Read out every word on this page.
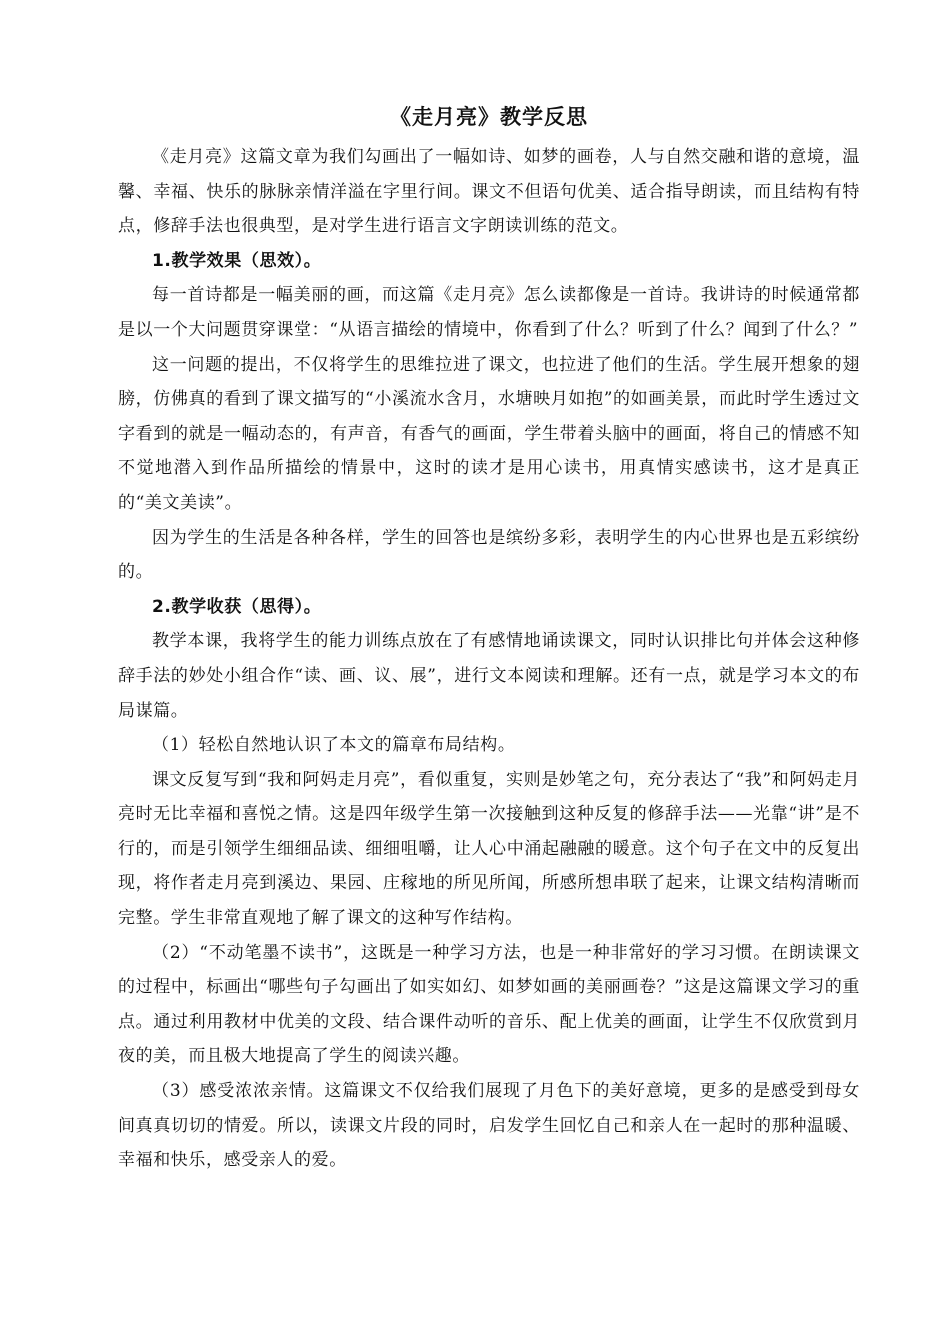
《走月亮》教学反思

《走月亮》这篇文章为我们勾画出了一幅如诗、如梦的画卷，人与自然交融和谐的意境，温馨、幸福、快乐的脉脉亲情洋溢在字里行间。课文不但语句优美、适合指导朗读，而且结构有特点，修辞手法也很典型，是对学生进行语言文字朗读训练的范文。

1.教学效果（思效）。

每一首诗都是一幅美丽的画，而这篇《走月亮》怎么读都像是一首诗。我讲诗的时候通常都是以一个大问题贯穿课堂：“从语言描绘的情境中，你看到了什么？听到了什么？闻到了什么？”

这一问题的提出，不仅将学生的思维拉进了课文，也拉进了他们的生活。学生展开想象的翅膀，仿佛真的看到了课文描写的“小溪流水含月，水塘映月如抱”的如画美景，而此时学生透过文字看到的就是一幅动态的，有声音，有香气的画面，学生带着头脑中的画面，将自己的情感不知不觉地潜入到作品所描绘的情景中，这时的读才是用心读书，用真情实感读书，这才是真正的“美文美读”。

因为学生的生活是各种各样，学生的回答也是缤纷多彩，表明学生的内心世界也是五彩缤纷的。

2.教学收获（思得）。

教学本课，我将学生的能力训练点放在了有感情地诵读课文，同时认识排比句并体会这种修辞手法的妙处小组合作“读、画、议、展”，进行文本阅读和理解。还有一点，就是学习本文的布局谋篇。

（1）轻松自然地认识了本文的篇章布局结构。

课文反复写到“我和阿妈走月亮”，看似重复，实则是妙笔之句，充分表达了“我”和阿妈走月亮时无比幸福和喜悦之情。这是四年级学生第一次接触到这种反复的修辞手法——光靠“讲”是不行的，而是引领学生细细品读、细细咀嚼，让人心中涌起融融的暖意。这个句子在文中的反复出现，将作者走月亮到溪边、果园、庄稼地的所见所闻，所感所想串联了起来，让课文结构清晰而完整。学生非常直观地了解了课文的这种写作结构。

（2）“不动笔墨不读书”，这既是一种学习方法，也是一种非常好的学习习惯。在朗读课文的过程中，标画出“哪些句子勾画出了如实如幻、如梦如画的美丽画卷？”这是这篇课文学习的重点。通过利用教材中优美的文段、结合课件动听的音乐、配上优美的画面，让学生不仅欣赏到月夜的美，而且极大地提高了学生的阅读兴趣。

（3）感受浓浓亲情。这篇课文不仅给我们展现了月色下的美好意境，更多的是感受到母女间真真切切的情爱。所以，读课文片段的同时，启发学生回忆自己和亲人在一起时的那种温暖、幸福和快乐，感受亲人的爱。
